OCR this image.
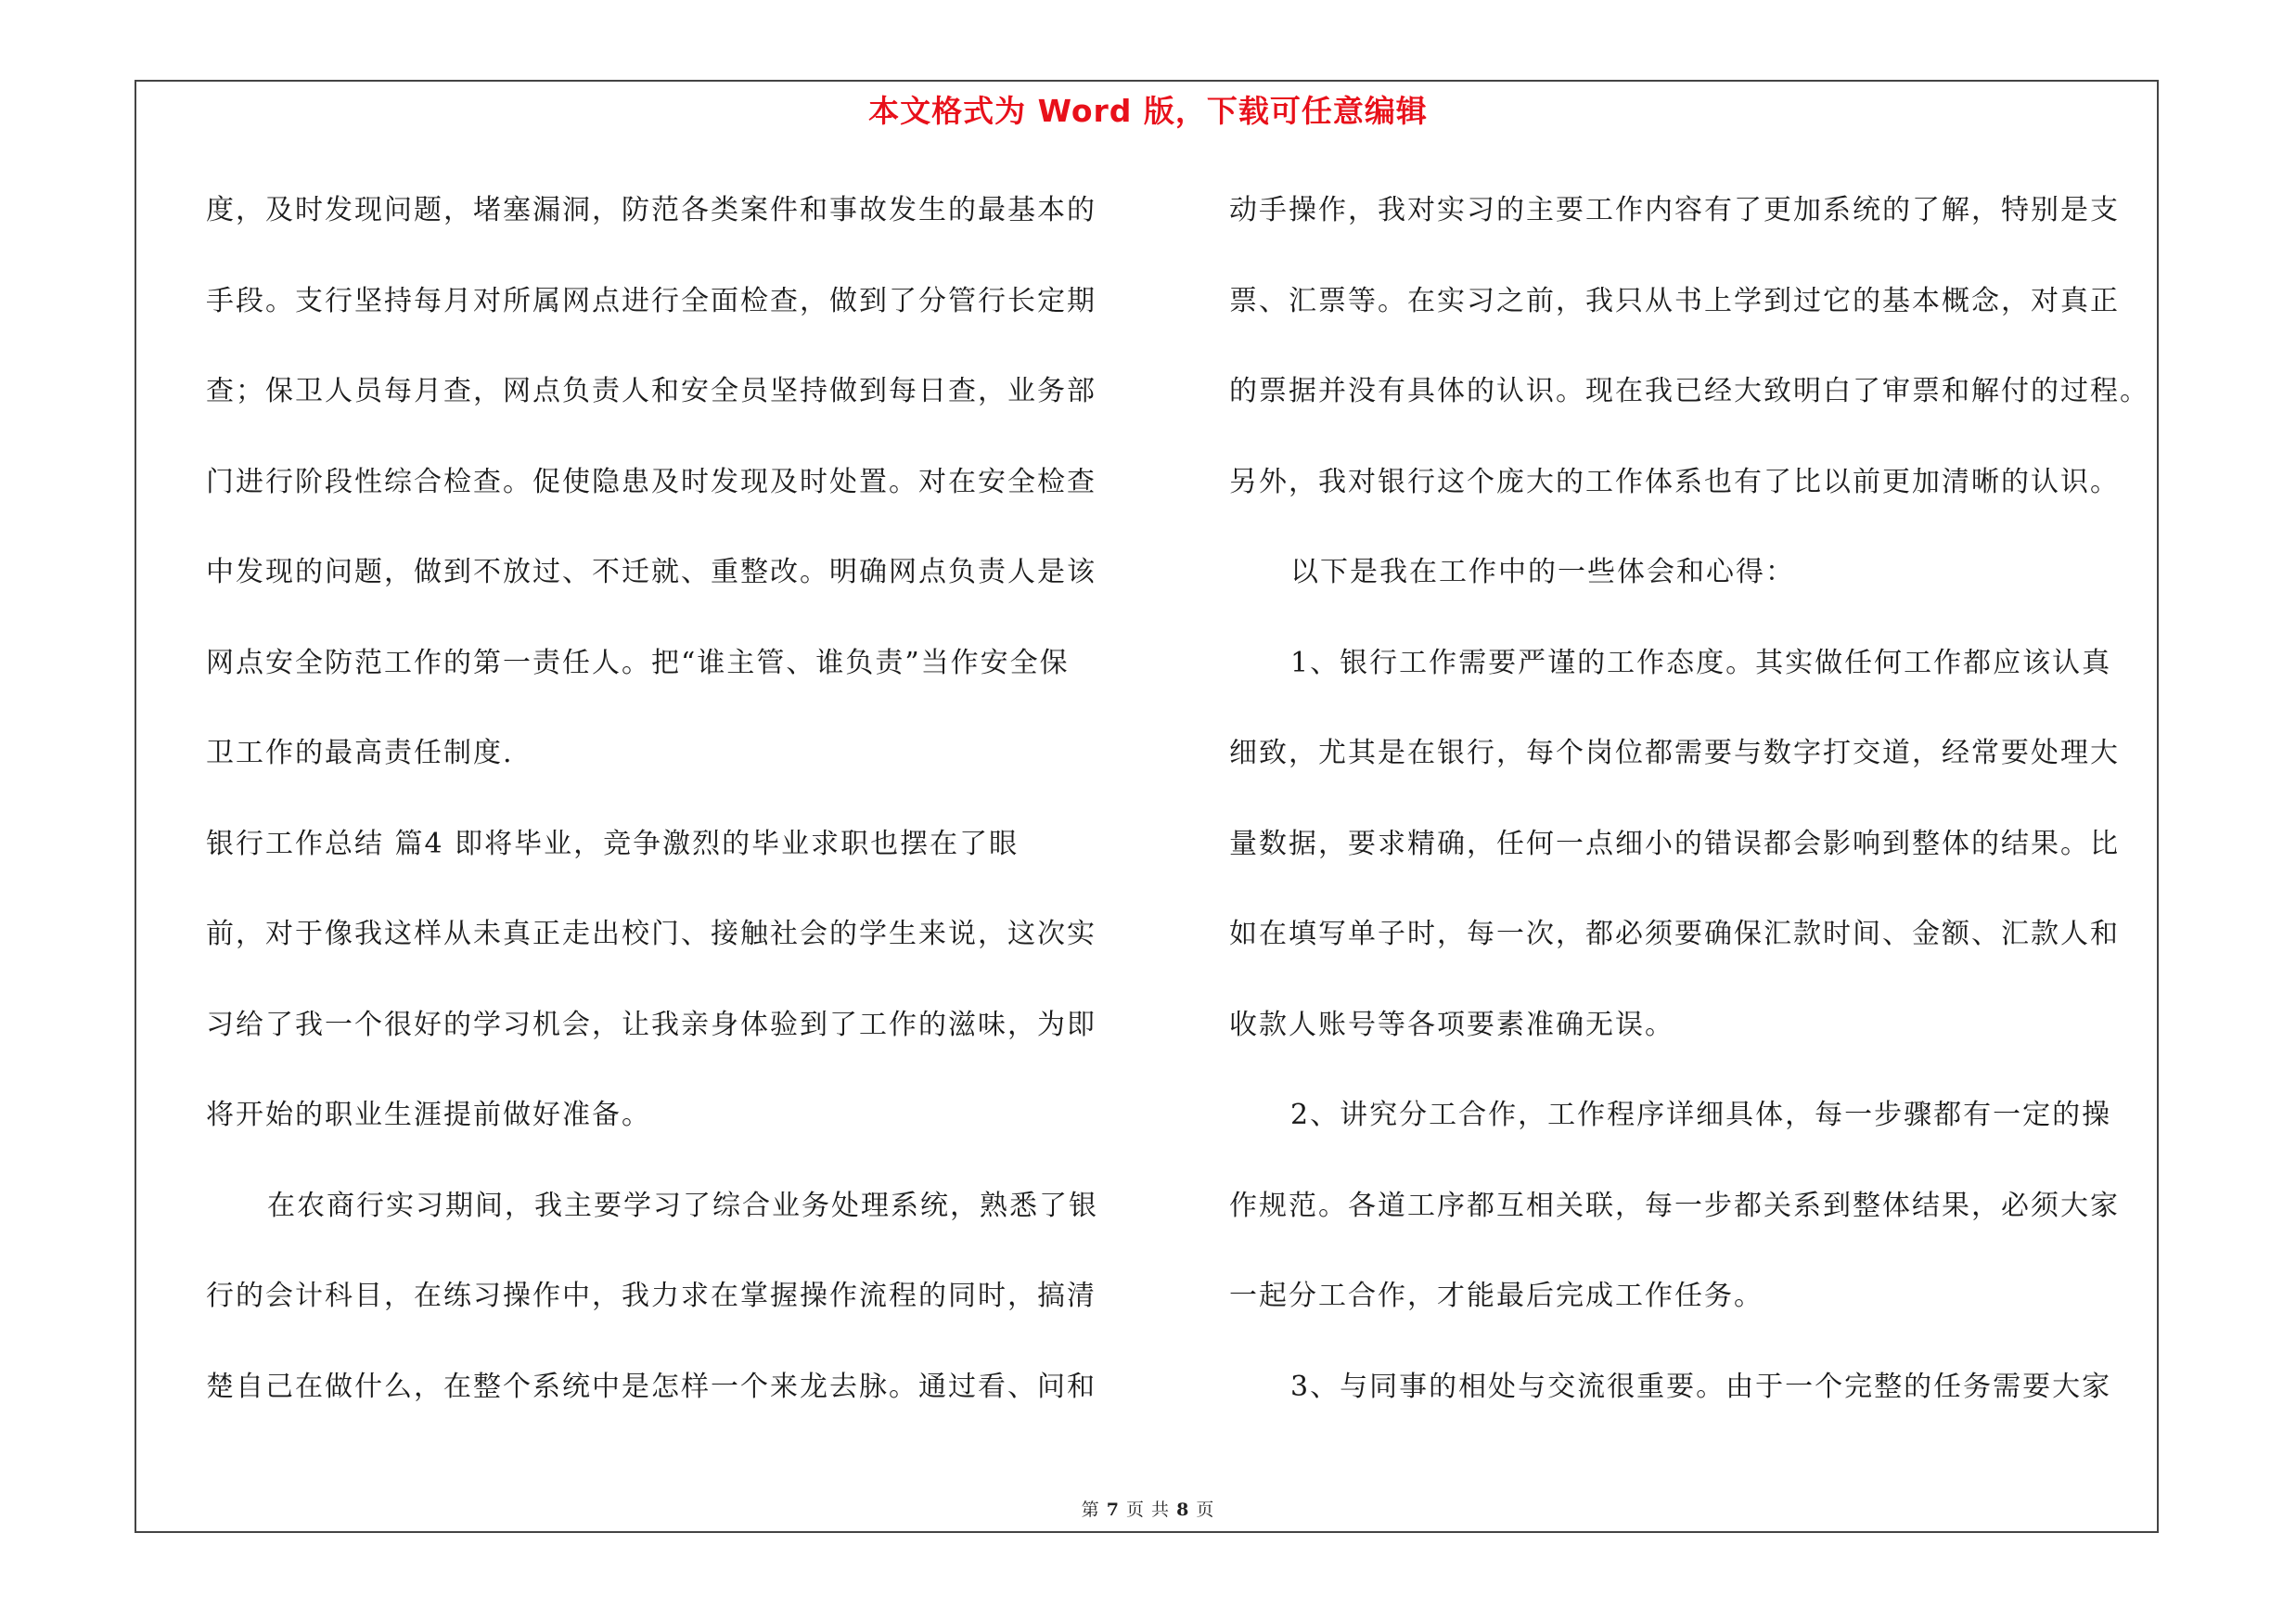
本文格式为 Word 版，下载可任意编辑
度，及时发现问题，堵塞漏洞，防范各类案件和事故发生的最基本的
手段。支行坚持每月对所属网点进行全面检查，做到了分管行长定期
查；保卫人员每月查，网点负责人和安全员坚持做到每日查，业务部
门进行阶段性综合检查。促使隐患及时发现及时处置。对在安全检查
中发现的问题，做到不放过、不迁就、重整改。明确网点负责人是该
网点安全防范工作的第一责任人。把“谁主管、谁负责”当作安全保
卫工作的最高责任制度.
银行工作总结 篇4 即将毕业，竞争激烈的毕业求职也摆在了眼
前，对于像我这样从未真正走出校门、接触社会的学生来说，这次实
习给了我一个很好的学习机会，让我亲身体验到了工作的滋味，为即
将开始的职业生涯提前做好准备。
在农商行实习期间，我主要学习了综合业务处理系统，熟悉了银
行的会计科目，在练习操作中，我力求在掌握操作流程的同时，搞清
楚自己在做什么，在整个系统中是怎样一个来龙去脉。通过看、问和
动手操作，我对实习的主要工作内容有了更加系统的了解，特别是支
票、汇票等。在实习之前，我只从书上学到过它的基本概念，对真正
的票据并没有具体的认识。现在我已经大致明白了审票和解付的过程。
另外，我对银行这个庞大的工作体系也有了比以前更加清晰的认识。
以下是我在工作中的一些体会和心得：
1、银行工作需要严谨的工作态度。其实做任何工作都应该认真
细致，尤其是在银行，每个岗位都需要与数字打交道，经常要处理大
量数据，要求精确，任何一点细小的错误都会影响到整体的结果。比
如在填写单子时，每一次，都必须要确保汇款时间、金额、汇款人和
收款人账号等各项要素准确无误。
2、讲究分工合作，工作程序详细具体，每一步骤都有一定的操
作规范。各道工序都互相关联，每一步都关系到整体结果，必须大家
一起分工合作，才能最后完成工作任务。
3、与同事的相处与交流很重要。由于一个完整的任务需要大家
第 7 页 共 8 页
